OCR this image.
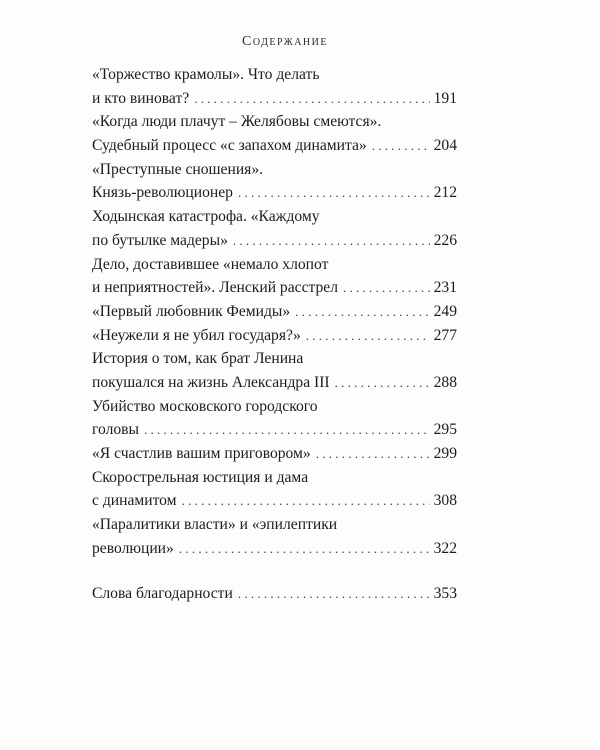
Содержание
«Торжество крамолы». Что делать
и кто виноват? . . .	191
«Когда люди плачут – Желябовы смеются».
Судебный процесс «с запахом динамита» . . .	204
«Преступные сношения».
Князь-революционер . . .	212
Ходынская катастрофа. «Каждому
по бутылке мадеры» . . .	226
Дело, доставившее «немало хлопот
и неприятностей». Ленский расстрел . . .	231
«Первый любовник Фемиды» . . .	249
«Неужели я не убил государя?» . . .	277
История о том, как брат Ленина
покушался на жизнь Александра III . . .	288
Убийство московского городского
головы . . .	295
«Я счастлив вашим приговором» . . .	299
Скорострельная юстиция и дама
с динамитом . . .	308
«Паралитики власти» и «эпилептики
революции» . . .	322
Слова благодарности . . .	353
